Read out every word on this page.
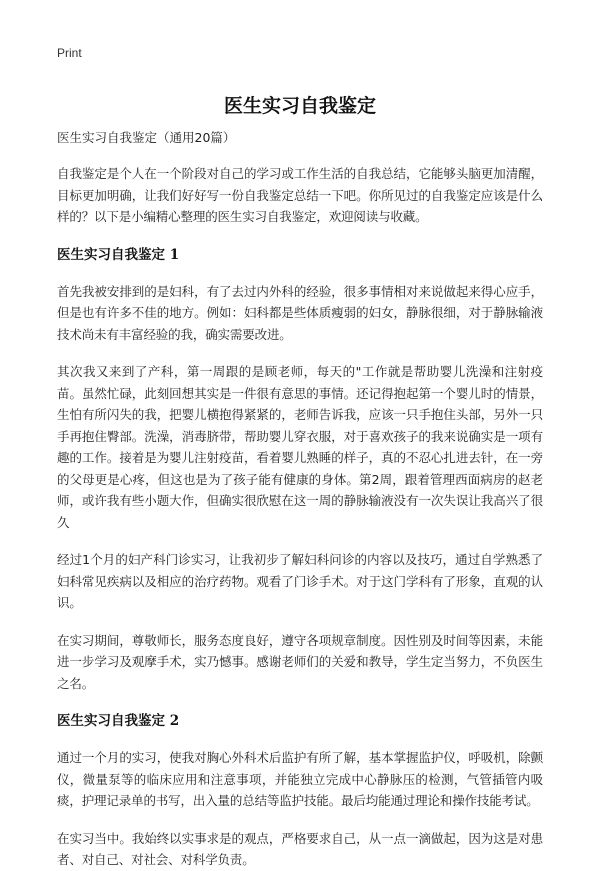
Print
医生实习自我鉴定
医生实习自我鉴定（通用20篇）

自我鉴定是个人在一个阶段对自己的学习或工作生活的自我总结，它能够头脑更加清醒，目标更加明确，让我们好好写一份自我鉴定总结一下吧。你所见过的自我鉴定应该是什么样的？以下是小编精心整理的医生实习自我鉴定，欢迎阅读与收藏。

医生实习自我鉴定 1

首先我被安排到的是妇科，有了去过内外科的经验，很多事情相对来说做起来得心应手，但是也有许多不佳的地方。例如：妇科都是些体质瘦弱的妇女，静脉很细，对于静脉输液技术尚未有丰富经验的我，确实需要改进。

其次我又来到了产科，第一周跟的是顾老师，每天的"工作就是帮助婴儿洗澡和注射疫苗。虽然忙碌，此刻回想其实是一件很有意思的事情。还记得抱起第一个婴儿时的情景，生怕有所闪失的我，把婴儿横抱得紧紧的，老师告诉我，应该一只手抱住头部，另外一只手再抱住臀部。洗澡，消毒脐带，帮助婴儿穿衣服，对于喜欢孩子的我来说确实是一项有趣的工作。接着是为婴儿注射疫苗，看着婴儿熟睡的样子，真的不忍心扎进去针，在一旁的父母更是心疼，但这也是为了孩子能有健康的身体。第2周，跟着管理西面病房的赵老师，或许我有些小题大作，但确实很欣慰在这一周的静脉输液没有一次失误让我高兴了很久

经过1个月的妇产科门诊实习，让我初步了解妇科问诊的内容以及技巧，通过自学熟悉了妇科常见疾病以及相应的治疗药物。观看了门诊手术。对于这门学科有了形象，直观的认识。

在实习期间，尊敬师长，服务态度良好，遵守各项规章制度。因性别及时间等因素，未能进一步学习及观摩手术，实乃憾事。感谢老师们的关爱和教导，学生定当努力，不负医生之名。

医生实习自我鉴定 2

通过一个月的实习，使我对胸心外科术后监护有所了解，基本掌握监护仪，呼吸机，除颤仪，微量泵等的临床应用和注意事项，并能独立完成中心静脉压的检测，气管插管内吸痰，护理记录单的书写，出入量的总结等监护技能。最后均能通过理论和操作技能考试。

在实习当中。我始终以实事求是的观点，严格要求自己，从一点一滴做起，因为这是对患者、对自己、对社会、对科学负责。
